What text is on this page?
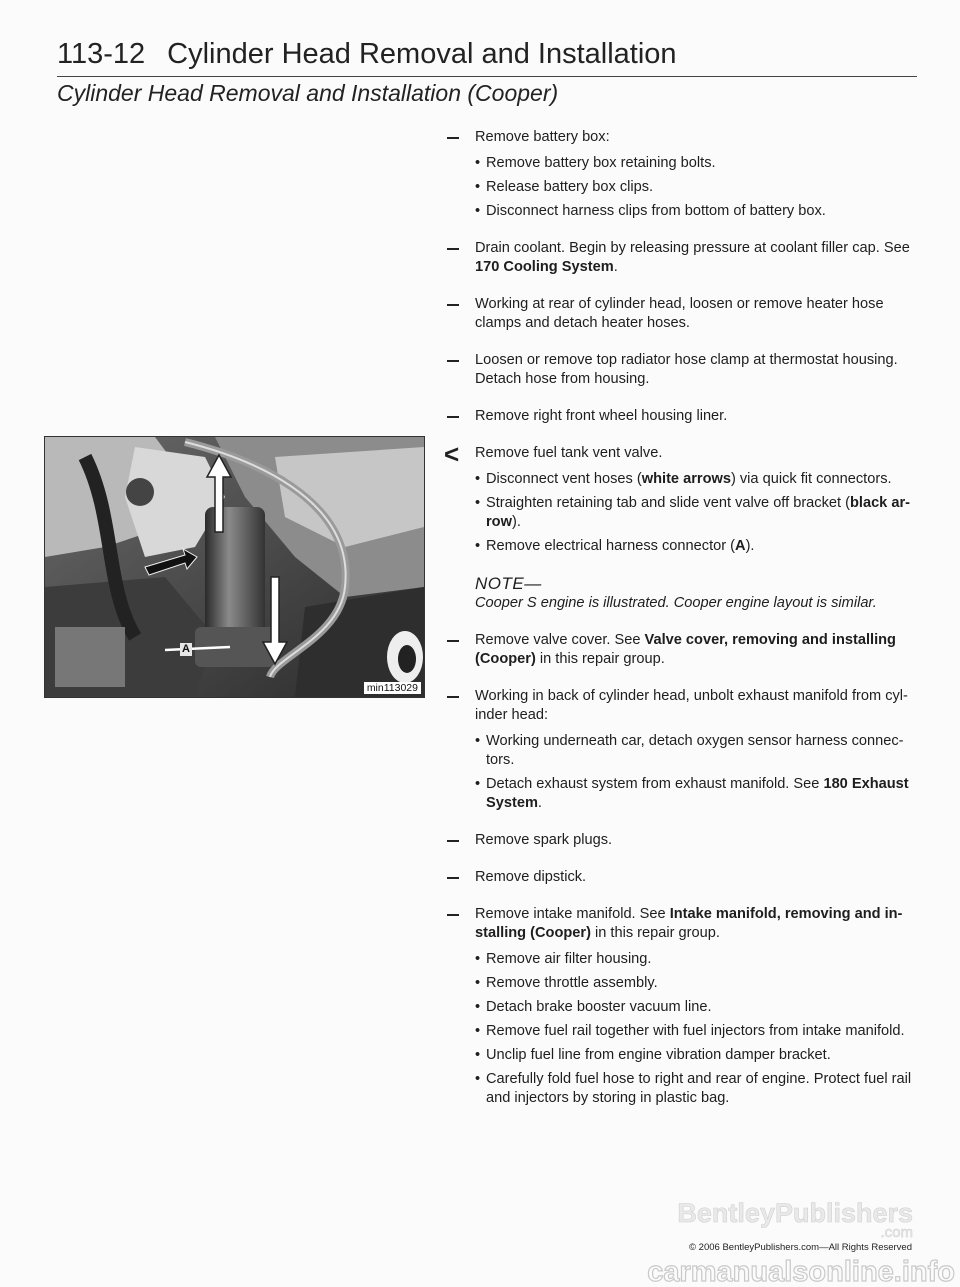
113-12 Cylinder Head Removal and Installation
Cylinder Head Removal and Installation (Cooper)
A
min113029
Remove battery box:
• Remove battery box retaining bolts.
• Release battery box clips.
• Disconnect harness clips from bottom of battery box.
Drain coolant. Begin by releasing pressure at coolant filler cap. See 170 Cooling System.
Working at rear of cylinder head, loosen or remove heater hose clamps and detach heater hoses.
Loosen or remove top radiator hose clamp at thermostat housing. Detach hose from housing.
Remove right front wheel housing liner.
< Remove fuel tank vent valve.
• Disconnect vent hoses (white arrows) via quick fit connectors.
• Straighten retaining tab and slide vent valve off bracket (black ar-row).
• Remove electrical harness connector (A).
NOTE—
Cooper S engine is illustrated. Cooper engine layout is similar.
Remove valve cover. See Valve cover, removing and installing (Cooper) in this repair group.
Working in back of cylinder head, unbolt exhaust manifold from cyl-inder head:
• Working underneath car, detach oxygen sensor harness connec-tors.
• Detach exhaust system from exhaust manifold. See 180 Exhaust System.
Remove spark plugs.
Remove dipstick.
Remove intake manifold. See Intake manifold, removing and in-stalling (Cooper) in this repair group.
• Remove air filter housing.
• Remove throttle assembly.
• Detach brake booster vacuum line.
• Remove fuel rail together with fuel injectors from intake manifold.
• Unclip fuel line from engine vibration damper bracket.
• Carefully fold fuel hose to right and rear of engine. Protect fuel rail and injectors by storing in plastic bag.
BentleyPublishers
.com
© 2006 BentleyPublishers.com—All Rights Reserved
carmanualsonline.info
